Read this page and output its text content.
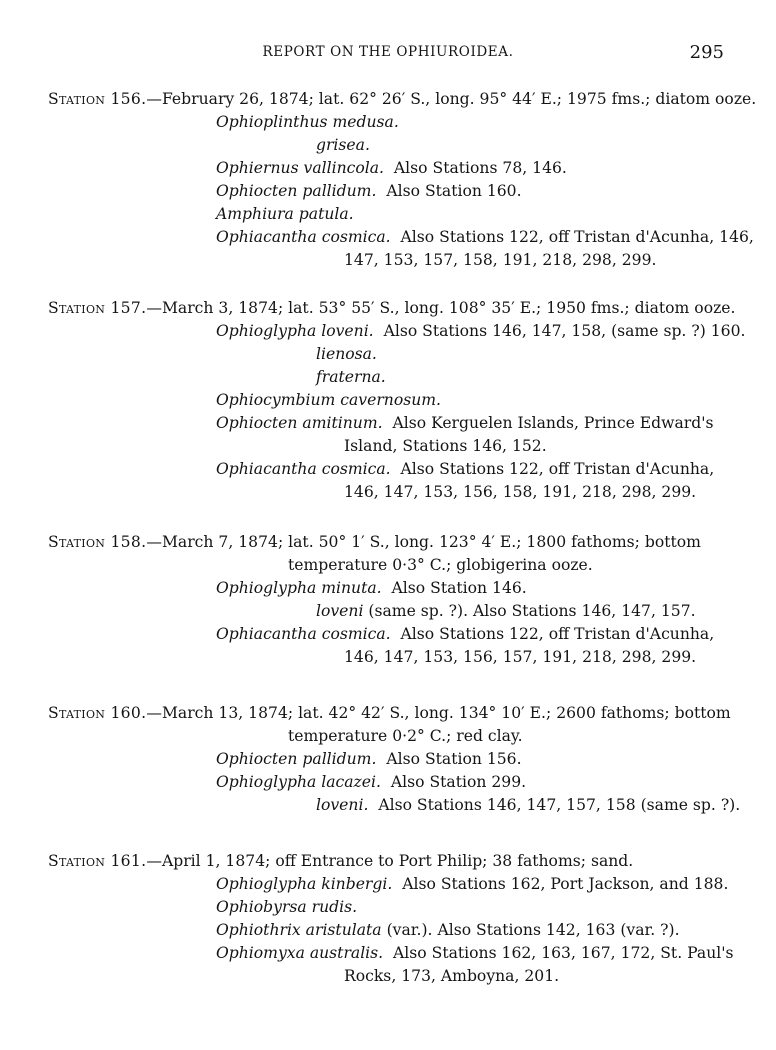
REPORT ON THE OPHIUROIDEA.	295
Station 156.—February 26, 1874; lat. 62° 26′ S., long. 95° 44′ E.; 1975 fms.; diatom ooze.
Ophioplinthus medusa.
grisea.
Ophiernus vallincola. Also Stations 78, 146.
Ophiocten pallidum. Also Station 160.
Amphiura patula.
Ophiacantha cosmica. Also Stations 122, off Tristan d'Acunha, 146,
147, 153, 157, 158, 191, 218, 298, 299.
Station 157.—March 3, 1874; lat. 53° 55′ S., long. 108° 35′ E.; 1950 fms.; diatom ooze.
Ophioglypha loveni. Also Stations 146, 147, 158, (same sp. ?) 160.
lienosa.
fraterna.
Ophiocymbium cavernosum.
Ophiocten amitinum. Also Kerguelen Islands, Prince Edward's
Island, Stations 146, 152.
Ophiacantha cosmica. Also Stations 122, off Tristan d'Acunha,
146, 147, 153, 156, 158, 191, 218, 298, 299.
Station 158.—March 7, 1874; lat. 50° 1′ S., long. 123° 4′ E.; 1800 fathoms; bottom
temperature 0·3° C.; globigerina ooze.
Ophioglypha minuta. Also Station 146.
loveni (same sp. ?). Also Stations 146, 147, 157.
Ophiacantha cosmica. Also Stations 122, off Tristan d'Acunha,
146, 147, 153, 156, 157, 191, 218, 298, 299.
Station 160.—March 13, 1874; lat. 42° 42′ S., long. 134° 10′ E.; 2600 fathoms; bottom
temperature 0·2° C.; red clay.
Ophiocten pallidum. Also Station 156.
Ophioglypha lacazei. Also Station 299.
loveni. Also Stations 146, 147, 157, 158 (same sp. ?).
Station 161.—April 1, 1874; off Entrance to Port Philip; 38 fathoms; sand.
Ophioglypha kinbergi. Also Stations 162, Port Jackson, and 188.
Ophiobyrsa rudis.
Ophiothrix aristulata (var.). Also Stations 142, 163 (var. ?).
Ophiomyxa australis. Also Stations 162, 163, 167, 172, St. Paul's
Rocks, 173, Amboyna, 201.
